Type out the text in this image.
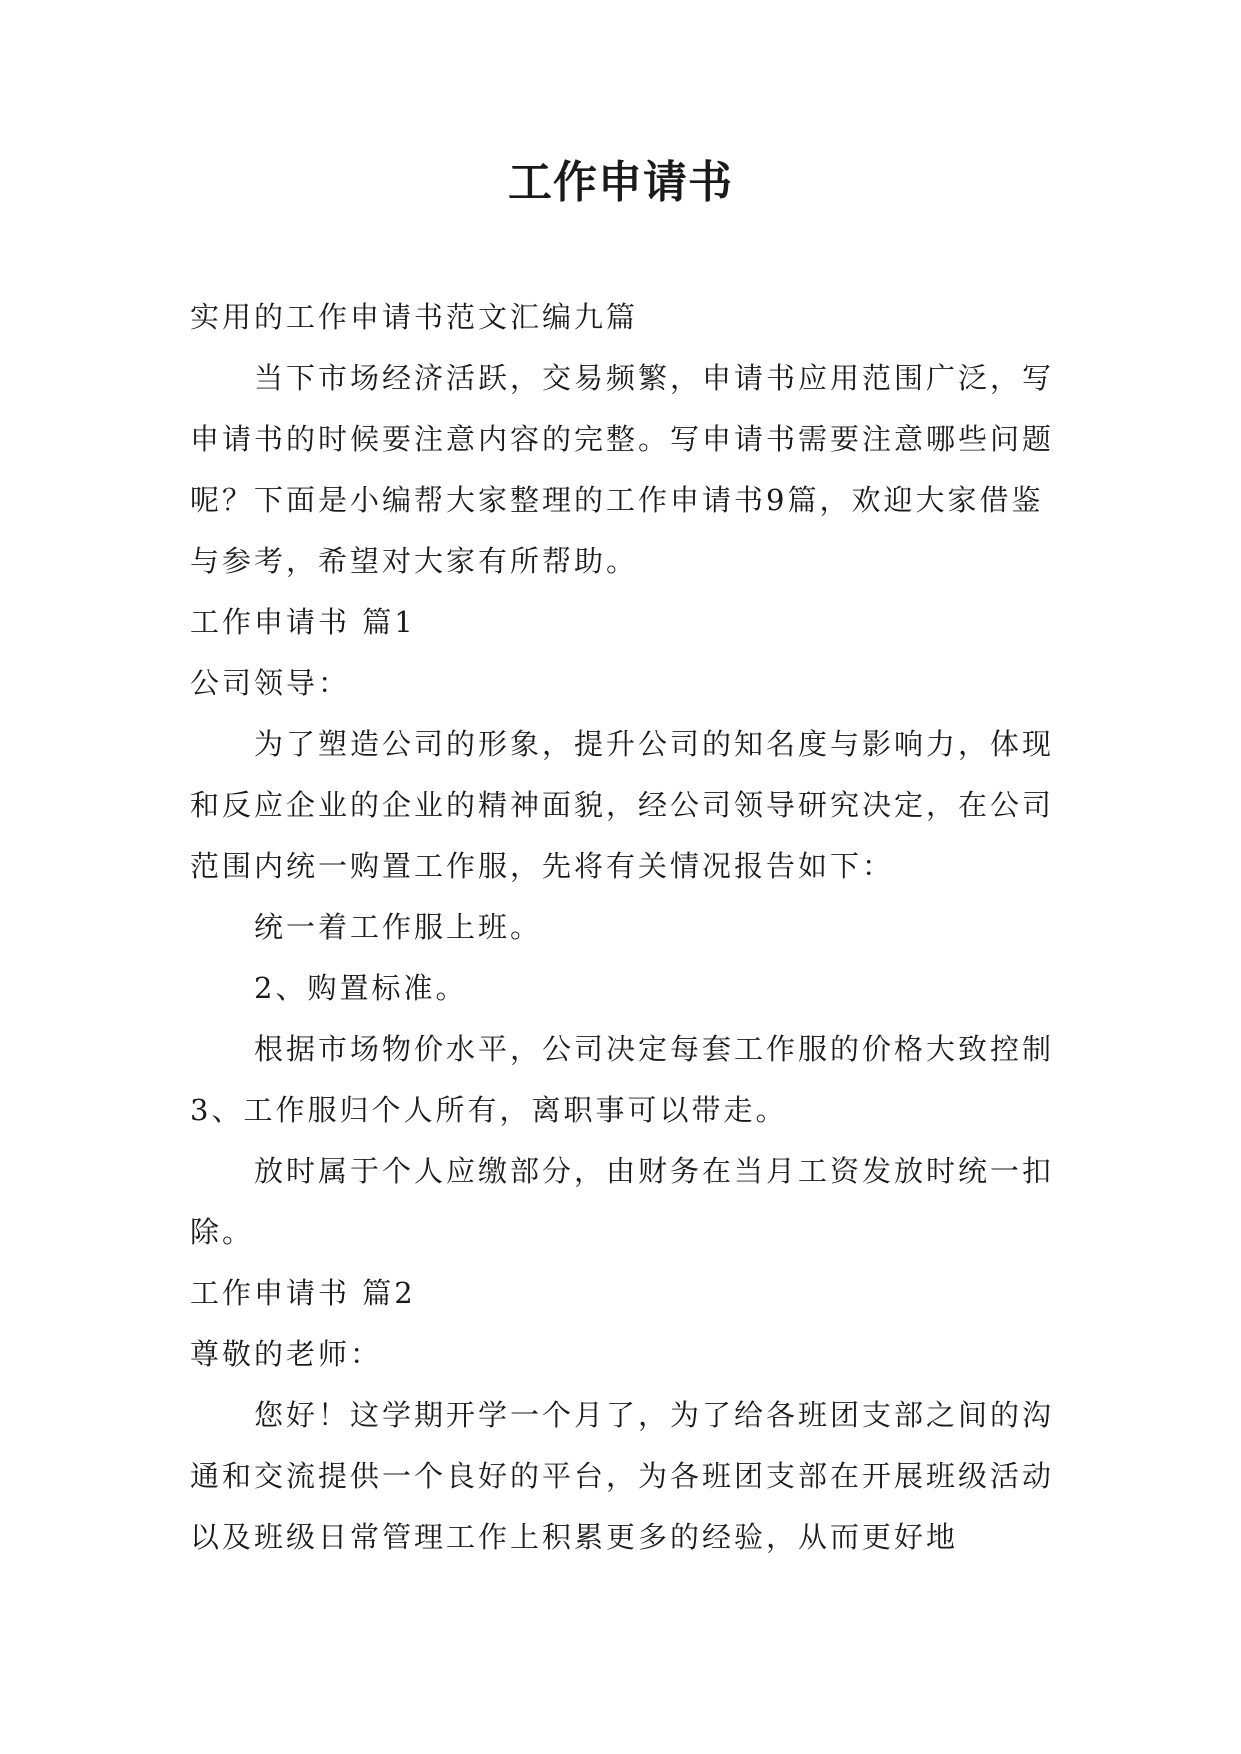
工作申请书

实用的工作申请书范文汇编九篇

当下市场经济活跃，交易频繁，申请书应用范围广泛，写申请书的时候要注意内容的完整。写申请书需要注意哪些问题呢？下面是小编帮大家整理的工作申请书9篇，欢迎大家借鉴与参考，希望对大家有所帮助。

工作申请书 篇1

公司领导：

为了塑造公司的形象，提升公司的知名度与影响力，体现和反应企业的企业的精神面貌，经公司领导研究决定，在公司范围内统一购置工作服，先将有关情况报告如下：

统一着工作服上班。

2、购置标准。

根据市场物价水平，公司决定每套工作服的价格大致控制

3、工作服归个人所有，离职事可以带走。

放时属于个人应缴部分，由财务在当月工资发放时统一扣除。

工作申请书 篇2

尊敬的老师：

您好！这学期开学一个月了，为了给各班团支部之间的沟通和交流提供一个良好的平台，为各班团支部在开展班级活动以及班级日常管理工作上积累更多的经验，从而更好地
